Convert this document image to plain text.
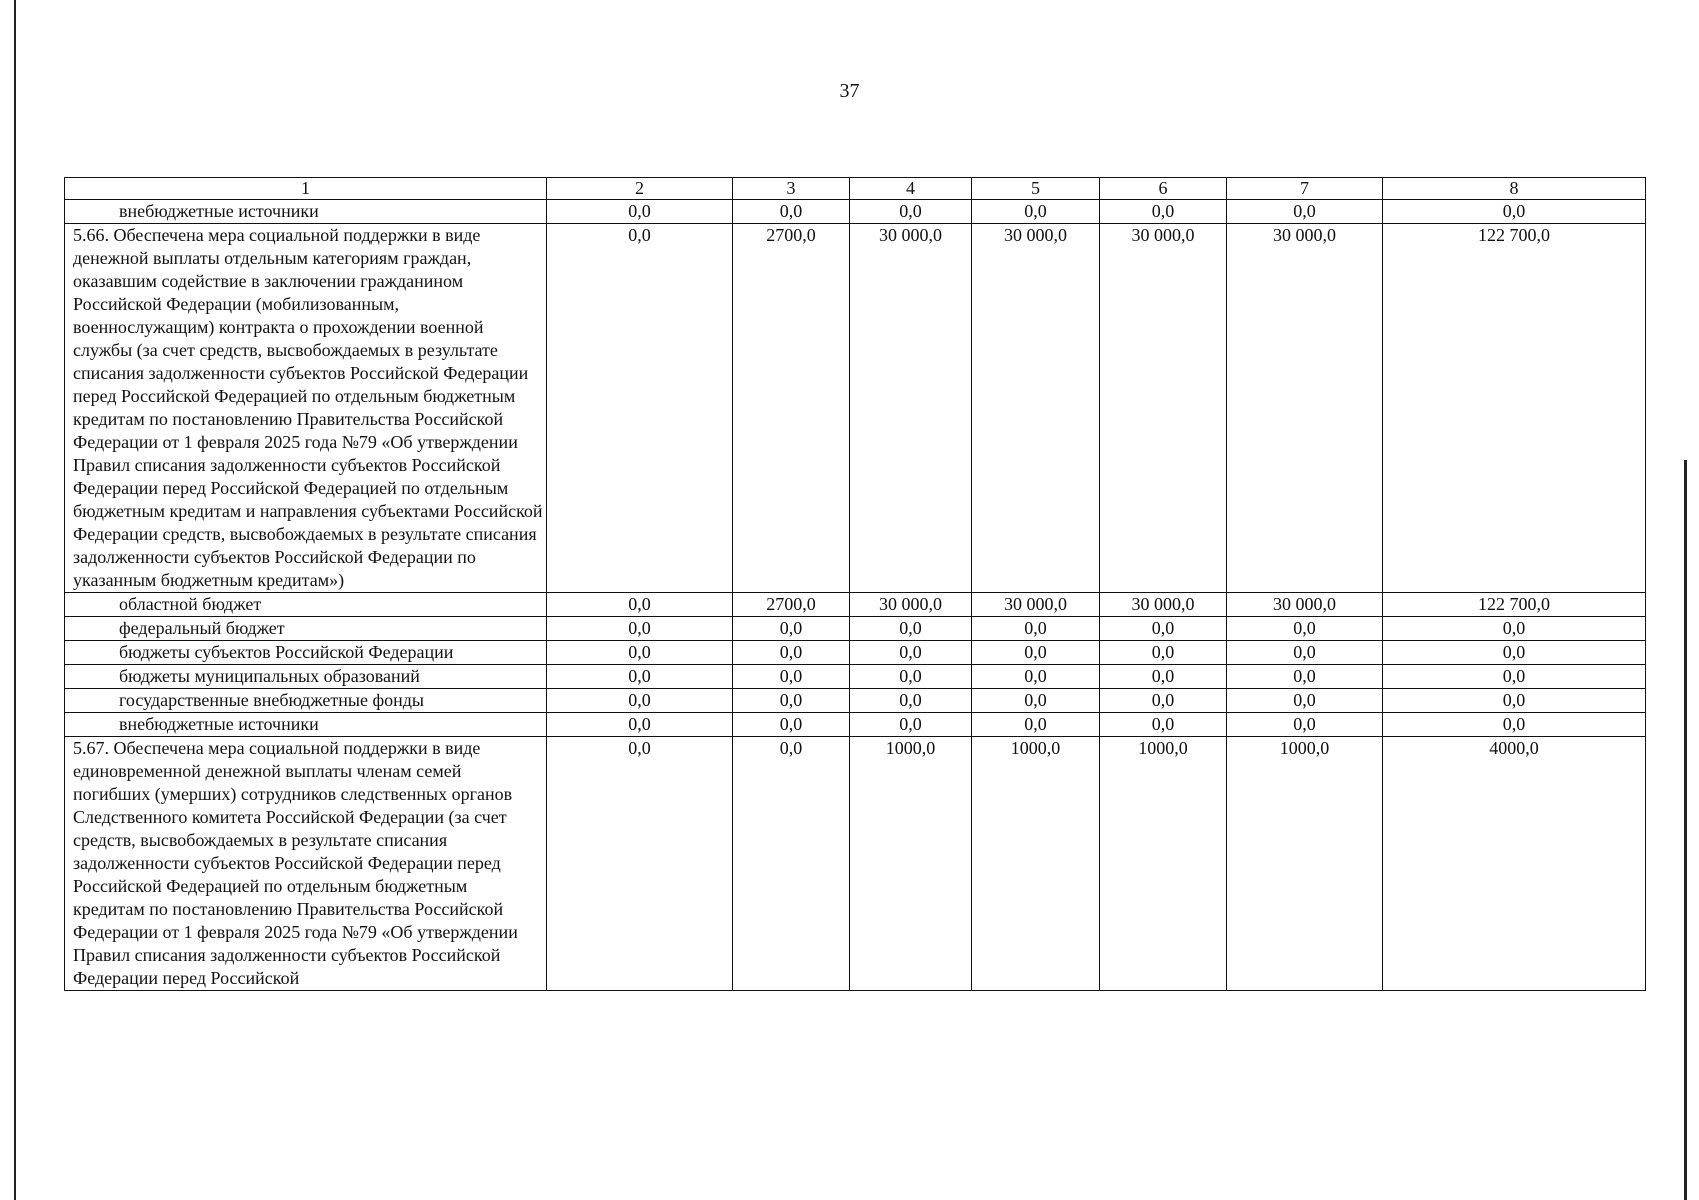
37
1	2	3	4	5	6	7	8
внебюджетные источники	0,0	0,0	0,0	0,0	0,0	0,0	0,0
5.66. Обеспечена мера социальной поддержки в виде денежной выплаты отдельным категориям граждан, оказавшим содействие в заключении гражданином Российской Федерации (мобилизованным, военнослужащим) контракта о прохождении военной службы (за счет средств, высвобождаемых в результате списания задолженности субъектов Российской Федерации перед Российской Федерацией по отдельным бюджетным кредитам по постановлению Правительства Российской Федерации от 1 февраля 2025 года №79 «Об утверждении Правил списания задолженности субъектов Российской Федерации перед Российской Федерацией по отдельным бюджетным кредитам и направления субъектами Российской Федерации средств, высвобождаемых в результате списания задолженности субъектов Российской Федерации по указанным бюджетным кредитам»)	0,0	2700,0	30 000,0	30 000,0	30 000,0	30 000,0	122 700,0
областной бюджет	0,0	2700,0	30 000,0	30 000,0	30 000,0	30 000,0	122 700,0
федеральный бюджет	0,0	0,0	0,0	0,0	0,0	0,0	0,0
бюджеты субъектов Российской Федерации	0,0	0,0	0,0	0,0	0,0	0,0	0,0
бюджеты муниципальных образований	0,0	0,0	0,0	0,0	0,0	0,0	0,0
государственные внебюджетные фонды	0,0	0,0	0,0	0,0	0,0	0,0	0,0
внебюджетные источники	0,0	0,0	0,0	0,0	0,0	0,0	0,0
5.67. Обеспечена мера социальной поддержки в виде единовременной денежной выплаты членам семей погибших (умерших) сотрудников следственных органов Следственного комитета Российской Федерации (за счет средств, высвобождаемых в результате списания задолженности субъектов Российской Федерации перед Российской Федерацией по отдельным бюджетным кредитам по постановлению Правительства Российской Федерации от 1 февраля 2025 года №79 «Об утверждении Правил списания задолженности субъектов Российской Федерации перед Российской	0,0	0,0	1000,0	1000,0	1000,0	1000,0	4000,0
